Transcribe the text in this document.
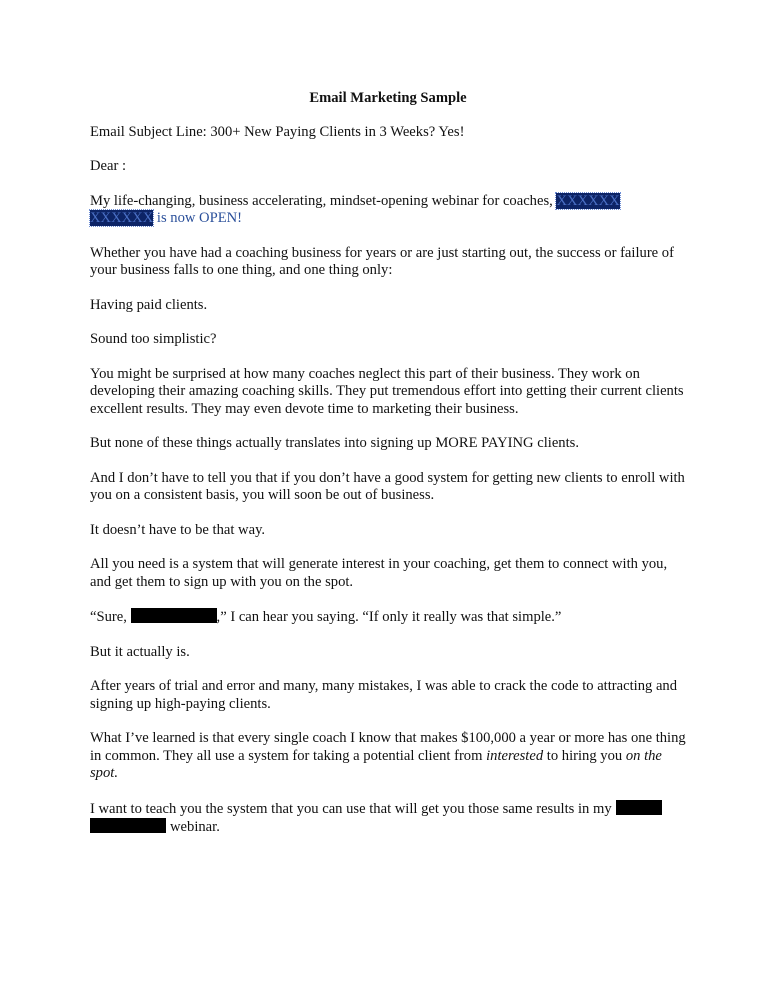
Email Marketing Sample

Email Subject Line: 300+ New Paying Clients in 3 Weeks? Yes!

Dear :

My life-changing, business accelerating, mindset-opening webinar for coaches, XXXXXX XXXXXX is now OPEN!

Whether you have had a coaching business for years or are just starting out, the success or failure of your business falls to one thing, and one thing only:

Having paid clients.

Sound too simplistic?

You might be surprised at how many coaches neglect this part of their business. They work on developing their amazing coaching skills. They put tremendous effort into getting their current clients excellent results. They may even devote time to marketing their business.

But none of these things actually translates into signing up MORE PAYING clients.

And I don’t have to tell you that if you don’t have a good system for getting new clients to enroll with you on a consistent basis, you will soon be out of business.

It doesn’t have to be that way.

All you need is a system that will generate interest in your coaching, get them to connect with you, and get them to sign up with you on the spot.

“Sure,	,” I can hear you saying. “If only it really was that simple.”

But it actually is.

After years of trial and error and many, many mistakes, I was able to crack the code to attracting and signing up high-paying clients.

What I’ve learned is that every single coach I know that makes $100,000 a year or more has one thing in common. They all use a system for taking a potential client from interested to hiring you on the spot.

I want to teach you the system that you can use that will get you those same results in my webinar.
